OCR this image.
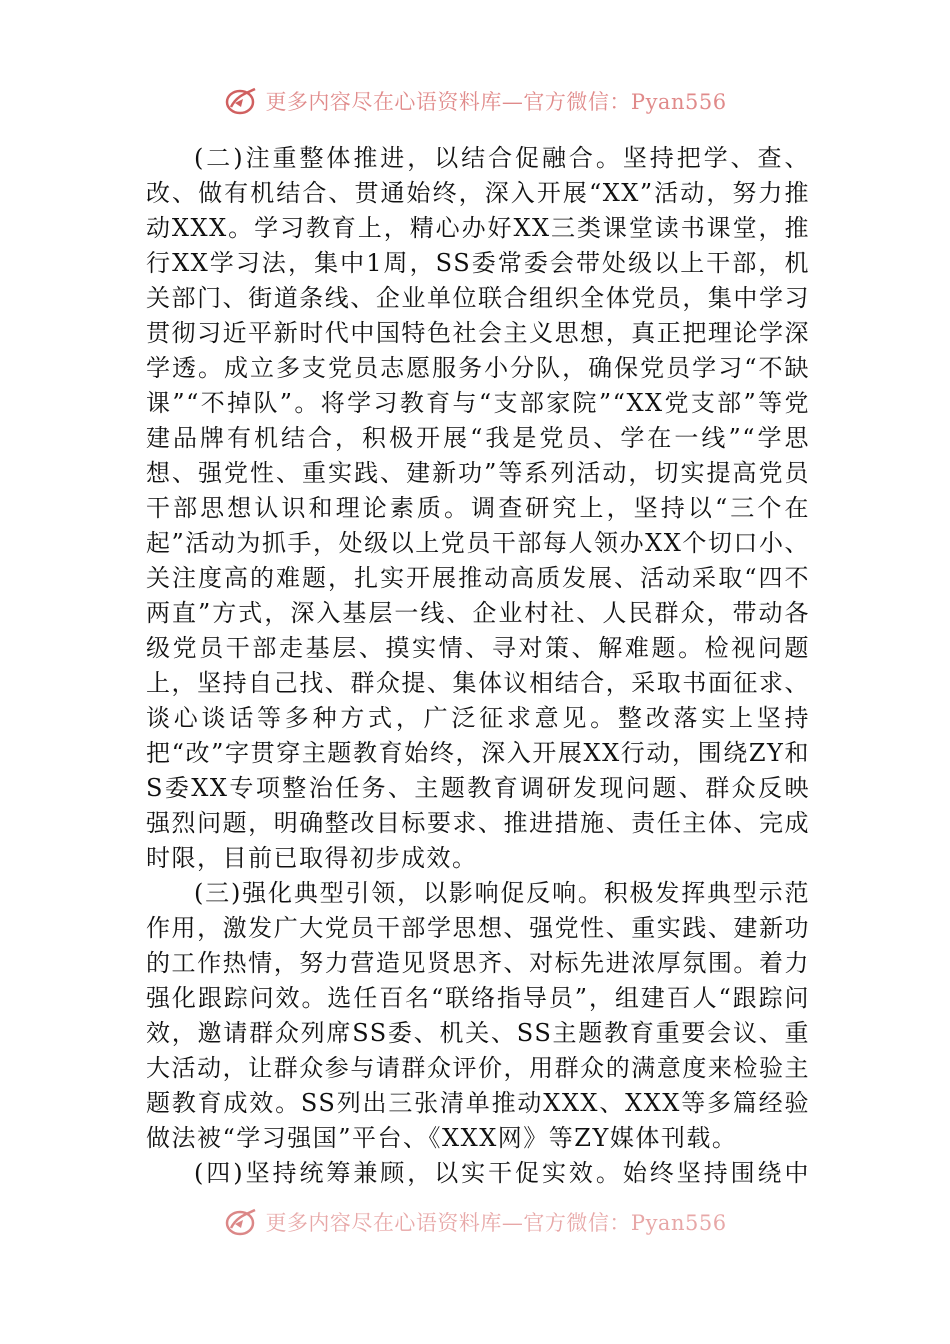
更多内容尽在心语资料库—官方微信：Pyan556

(二)注重整体推进，以结合促融合。坚持把学、查、改、做有机结合、贯通始终，深入开展“XX”活动，努力推动XXX。学习教育上，精心办好XX三类课堂读书课堂，推行XX学习法，集中1周，SS委常委会带处级以上干部，机关部门、街道条线、企业单位联合组织全体党员，集中学习贯彻习近平新时代中国特色社会主义思想，真正把理论学深学透。成立多支党员志愿服务小分队，确保党员学习“不缺课”“不掉队”。将学习教育与“支部家院”“XX党支部”等党建品牌有机结合，积极开展“我是党员、学在一线”“学思想、强党性、重实践、建新功”等系列活动，切实提高党员干部思想认识和理论素质。调查研究上，坚持以“三个在起”活动为抓手，处级以上党员干部每人领办XX个切口小、关注度高的难题，扎实开展推动高质发展、活动采取“四不两直”方式，深入基层一线、企业村社、人民群众，带动各级党员干部走基层、摸实情、寻对策、解难题。检视问题上，坚持自己找、群众提、集体议相结合，采取书面征求、谈心谈话等多种方式，广泛征求意见。整改落实上坚持把“改”字贯穿主题教育始终，深入开展XX行动，围绕ZY和S委XX专项整治任务、主题教育调研发现问题、群众反映强烈问题，明确整改目标要求、推进措施、责任主体、完成时限，目前已取得初步成效。

(三)强化典型引领，以影响促反响。积极发挥典型示范作用，激发广大党员干部学思想、强党性、重实践、建新功的工作热情，努力营造见贤思齐、对标先进浓厚氛围。着力强化跟踪问效。选任百名“联络指导员”，组建百人“跟踪问效，邀请群众列席SS委、机关、SS主题教育重要会议、重大活动，让群众参与请群众评价，用群众的满意度来检验主题教育成效。SS列出三张清单推动XXX、XXX等多篇经验做法被“学习强国”平台、《XXX网》等ZY媒体刊载。

(四)坚持统筹兼顾，以实干促实效。始终坚持围绕中

更多内容尽在心语资料库—官方微信：Pyan556
